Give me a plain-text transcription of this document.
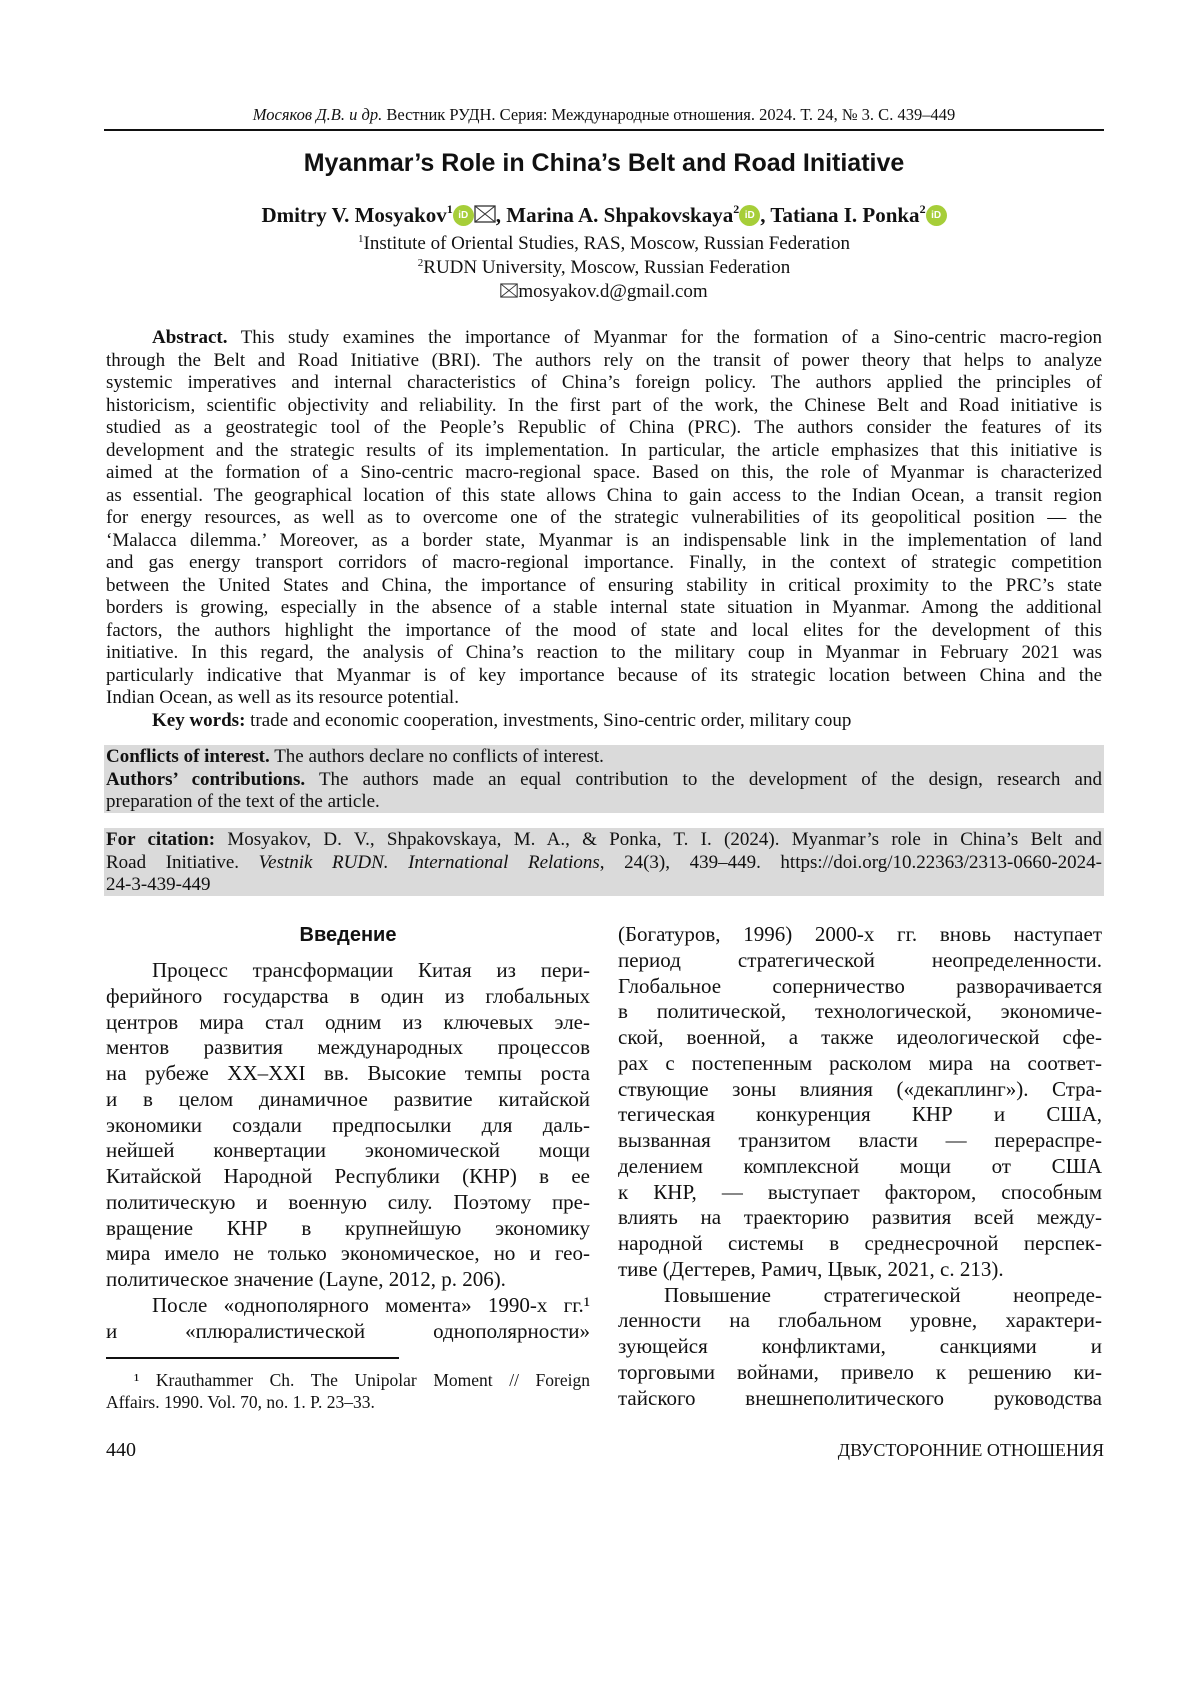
Мосяков Д.В. и др. Вестник РУДН. Серия: Международные отношения. 2024. Т. 24, № 3. С. 439–449
Myanmar’s Role in China’s Belt and Road Initiative
Dmitry V. Mosyakov1 iD , Marina A. Shpakovskaya2 iD , Tatiana I. Ponka2 iD
1Institute of Oriental Studies, RAS, Moscow, Russian Federation
2RUDN University, Moscow, Russian Federation
mosyakov.d@gmail.com
Abstract. This study examines the importance of Myanmar for the formation of a Sino-centric macro-region
through the Belt and Road Initiative (BRI). The authors rely on the transit of power theory that helps to analyze
systemic imperatives and internal characteristics of China’s foreign policy. The authors applied the principles of
historicism, scientific objectivity and reliability. In the first part of the work, the Chinese Belt and Road initiative is
studied as a geostrategic tool of the People’s Republic of China (PRC). The authors consider the features of its
development and the strategic results of its implementation. In particular, the article emphasizes that this initiative is
aimed at the formation of a Sino-centric macro-regional space. Based on this, the role of Myanmar is characterized
as essential. The geographical location of this state allows China to gain access to the Indian Ocean, a transit region
for energy resources, as well as to overcome one of the strategic vulnerabilities of its geopolitical position — the
‘Malacca dilemma.’ Moreover, as a border state, Myanmar is an indispensable link in the implementation of land
and gas energy transport corridors of macro-regional importance. Finally, in the context of strategic competition
between the United States and China, the importance of ensuring stability in critical proximity to the PRC’s state
borders is growing, especially in the absence of a stable internal state situation in Myanmar. Among the additional
factors, the authors highlight the importance of the mood of state and local elites for the development of this
initiative. In this regard, the analysis of China’s reaction to the military coup in Myanmar in February 2021 was
particularly indicative that Myanmar is of key importance because of its strategic location between China and the
Indian Ocean, as well as its resource potential.
Key words: trade and economic cooperation, investments, Sino-centric order, military coup
Conflicts of interest. The authors declare no conflicts of interest.
Authors’ contributions. The authors made an equal contribution to the development of the design, research and
preparation of the text of the article.
For citation: Mosyakov, D. V., Shpakovskaya, M. A., & Ponka, T. I. (2024). Myanmar’s role in China’s Belt and
Road Initiative. Vestnik RUDN. International Relations, 24(3), 439–449. https://doi.org/10.22363/2313-0660-2024-
24-3-439-449
Введение
Процесс трансформации Китая из пери-
ферийного государства в один из глобальных
центров мира стал одним из ключевых эле-
ментов развития международных процессов
на рубеже XX–XXI вв. Высокие темпы роста
и в целом динамичное развитие китайской
экономики создали предпосылки для даль-
нейшей конвертации экономической мощи
Китайской Народной Республики (КНР) в ее
политическую и военную силу. Поэтому пре-
вращение КНР в крупнейшую экономику
мира имело не только экономическое, но и гео-
политическое значение (Layne, 2012, p. 206).
После «однополярного момента» 1990-х гг.¹
и «плюралистической однополярности»
(Богатуров, 1996) 2000-х гг. вновь наступает
период стратегической неопределенности.
Глобальное соперничество разворачивается
в политической, технологической, экономиче-
ской, военной, а также идеологической сфе-
рах с постепенным расколом мира на соответ-
ствующие зоны влияния («декаплинг»). Стра-
тегическая конкуренция КНР и США,
вызванная транзитом власти — перераспре-
делением комплексной мощи от США
к КНР, — выступает фактором, способным
влиять на траекторию развития всей между-
народной системы в среднесрочной перспек-
тиве (Дегтерев, Рамич, Цвык, 2021, с. 213).
Повышение стратегической неопреде-
ленности на глобальном уровне, характери-
зующейся конфликтами, санкциями и
торговыми войнами, привело к решению ки-
тайского внешнеполитического руководства
¹ Krauthammer Ch. The Unipolar Moment // Foreign
Affairs. 1990. Vol. 70, no. 1. P. 23–33.
440	ДВУСТОРОННИЕ ОТНОШЕНИЯ
